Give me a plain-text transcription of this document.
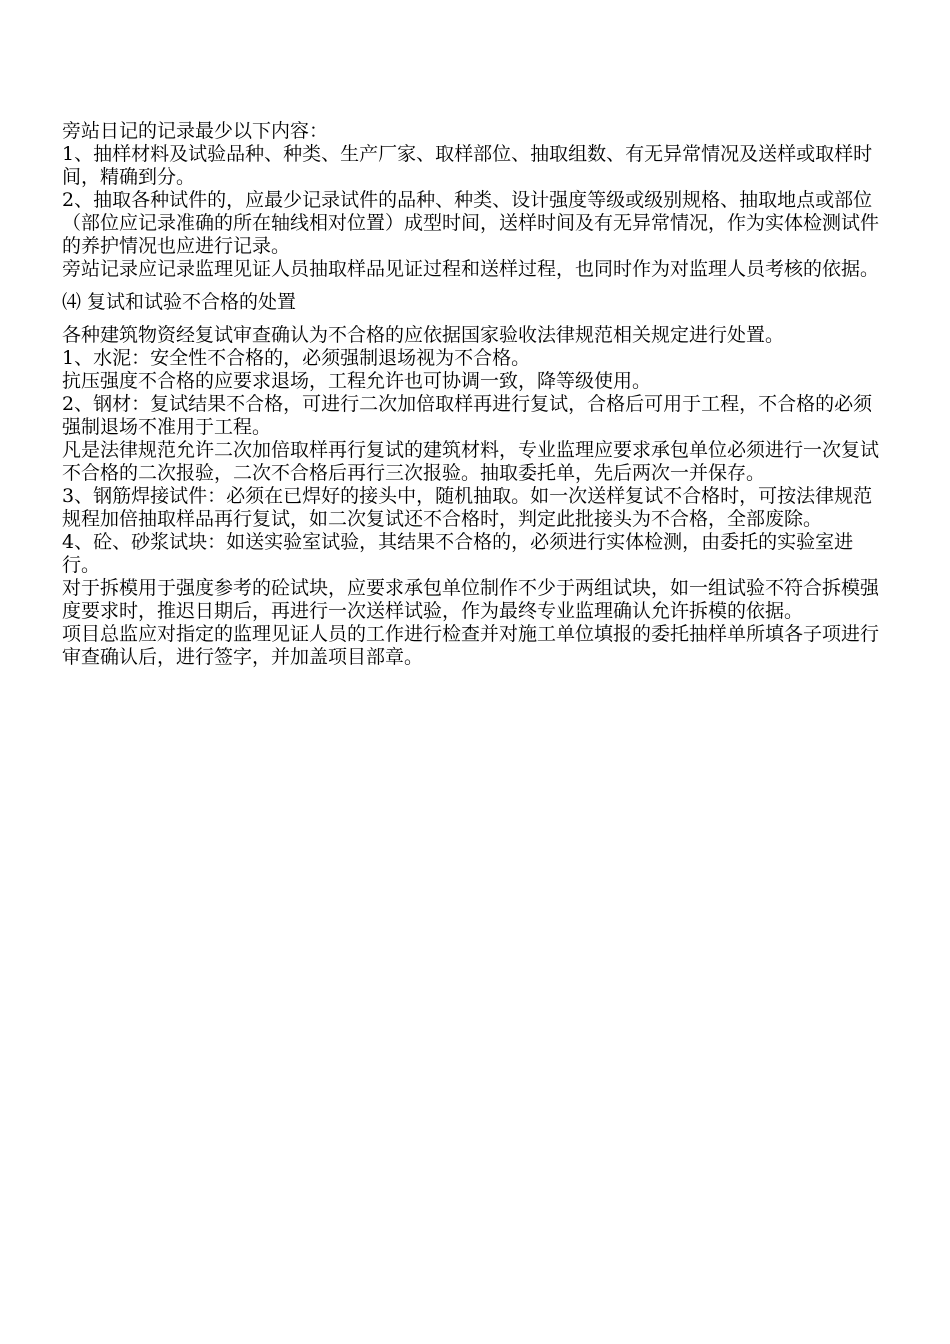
旁站日记的记录最少以下内容：

1、抽样材料及试验品种、种类、生产厂家、取样部位、抽取组数、有无异常情况及送样或取样时间，精确到分。

2、抽取各种试件的，应最少记录试件的品种、种类、设计强度等级或级别规格、抽取地点或部位（部位应记录准确的所在轴线相对位置）成型时间，送样时间及有无异常情况，作为实体检测试件的养护情况也应进行记录。

旁站记录应记录监理见证人员抽取样品见证过程和送样过程，也同时作为对监理人员考核的依据。

⑷ 复试和试验不合格的处置

各种建筑物资经复试审查确认为不合格的应依据国家验收法律规范相关规定进行处置。

1、水泥：安全性不合格的，必须强制退场视为不合格。

抗压强度不合格的应要求退场，工程允许也可协调一致，降等级使用。

2、钢材：复试结果不合格，可进行二次加倍取样再进行复试，合格后可用于工程，不合格的必须强制退场不准用于工程。

凡是法律规范允许二次加倍取样再行复试的建筑材料，专业监理应要求承包单位必须进行一次复试不合格的二次报验，二次不合格后再行三次报验。抽取委托单，先后两次一并保存。

3、钢筋焊接试件：必须在已焊好的接头中，随机抽取。如一次送样复试不合格时，可按法律规范规程加倍抽取样品再行复试，如二次复试还不合格时，判定此批接头为不合格，全部废除。

4、砼、砂浆试块：如送实验室试验，其结果不合格的，必须进行实体检测，由委托的实验室进行。

对于拆模用于强度参考的砼试块，应要求承包单位制作不少于两组试块，如一组试验不符合拆模强度要求时，推迟日期后，再进行一次送样试验，作为最终专业监理确认允许拆模的依据。

项目总监应对指定的监理见证人员的工作进行检查并对施工单位填报的委托抽样单所填各子项进行审查确认后，进行签字，并加盖项目部章。
